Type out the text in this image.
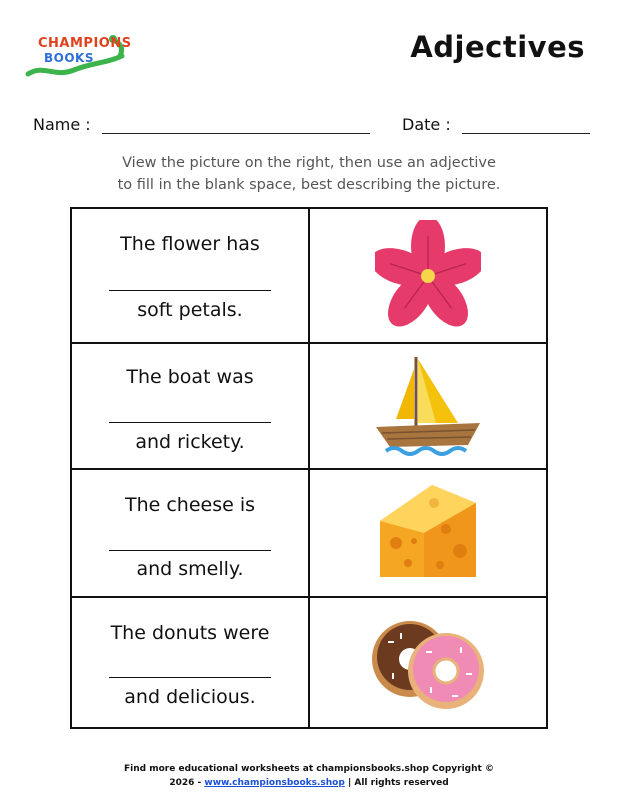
CHAMPIONS
BOOKS	Adjectives
Name :	Date :
View the picture on the right, then use an adjective
to fill in the blank space, best describing the picture.
The flower has
soft petals.
The boat was
and rickety.
The cheese is
and smelly.
The donuts were
and delicious.
Find more educational worksheets at championsbooks.shop Copyright ©
2026 - www.championsbooks.shop | All rights reserved
